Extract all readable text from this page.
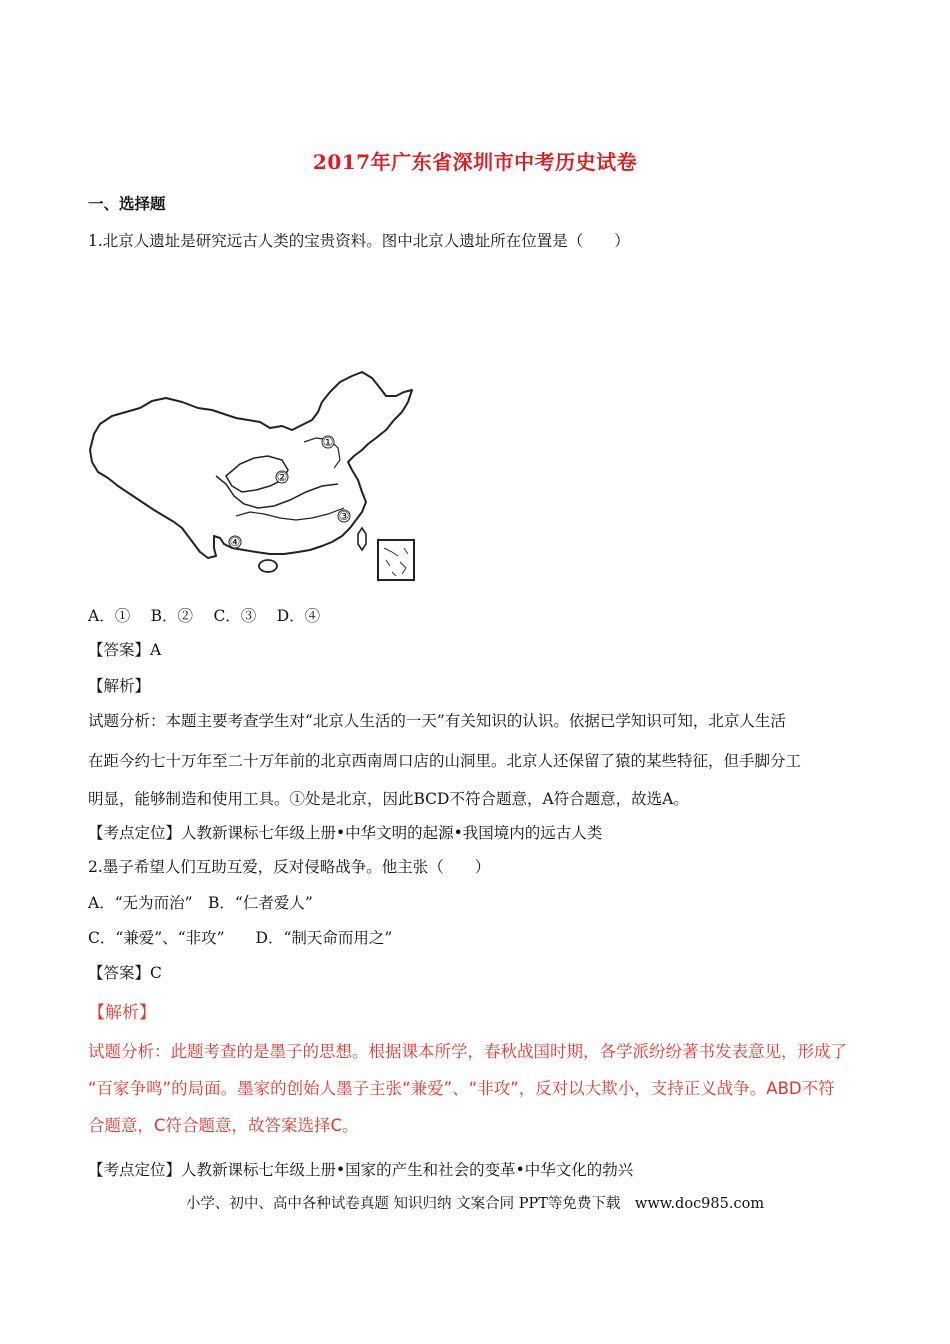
2017年广东省深圳市中考历史试卷
一、选择题
1.北京人遗址是研究远古人类的宝贵资料。图中北京人遗址所在位置是（　　）
①
②
③
④
A．①　 B．②　 C．③　 D．④
【答案】A
【解析】
试题分析：本题主要考查学生对“北京人生活的一天”有关知识的认识。依据已学知识可知，北京人生活
在距今约七十万年至二十万年前的北京西南周口店的山洞里。北京人还保留了猿的某些特征，但手脚分工
明显，能够制造和使用工具。①处是北京，因此BCD不符合题意，A符合题意，故选A。
【考点定位】人教新课标七年级上册•中华文明的起源•我国境内的远古人类
2.墨子希望人们互助互爱，反对侵略战争。他主张（　　）
A．“无为而治”　B．“仁者爱人”
C．“兼爱”、“非攻”　　D．“制天命而用之”
【答案】C
【解析】
试题分析：此题考查的是墨子的思想。根据课本所学，春秋战国时期，各学派纷纷著书发表意见，形成了
“百家争鸣”的局面。墨家的创始人墨子主张“兼爱”、“非攻”，反对以大欺小，支持正义战争。ABD不符
合题意，C符合题意，故答案选择C。
【考点定位】人教新课标七年级上册•国家的产生和社会的变革•中华文化的勃兴
小学、初中、高中各种试卷真题 知识归纳 文案合同 PPT等免费下载　www.doc985.com
